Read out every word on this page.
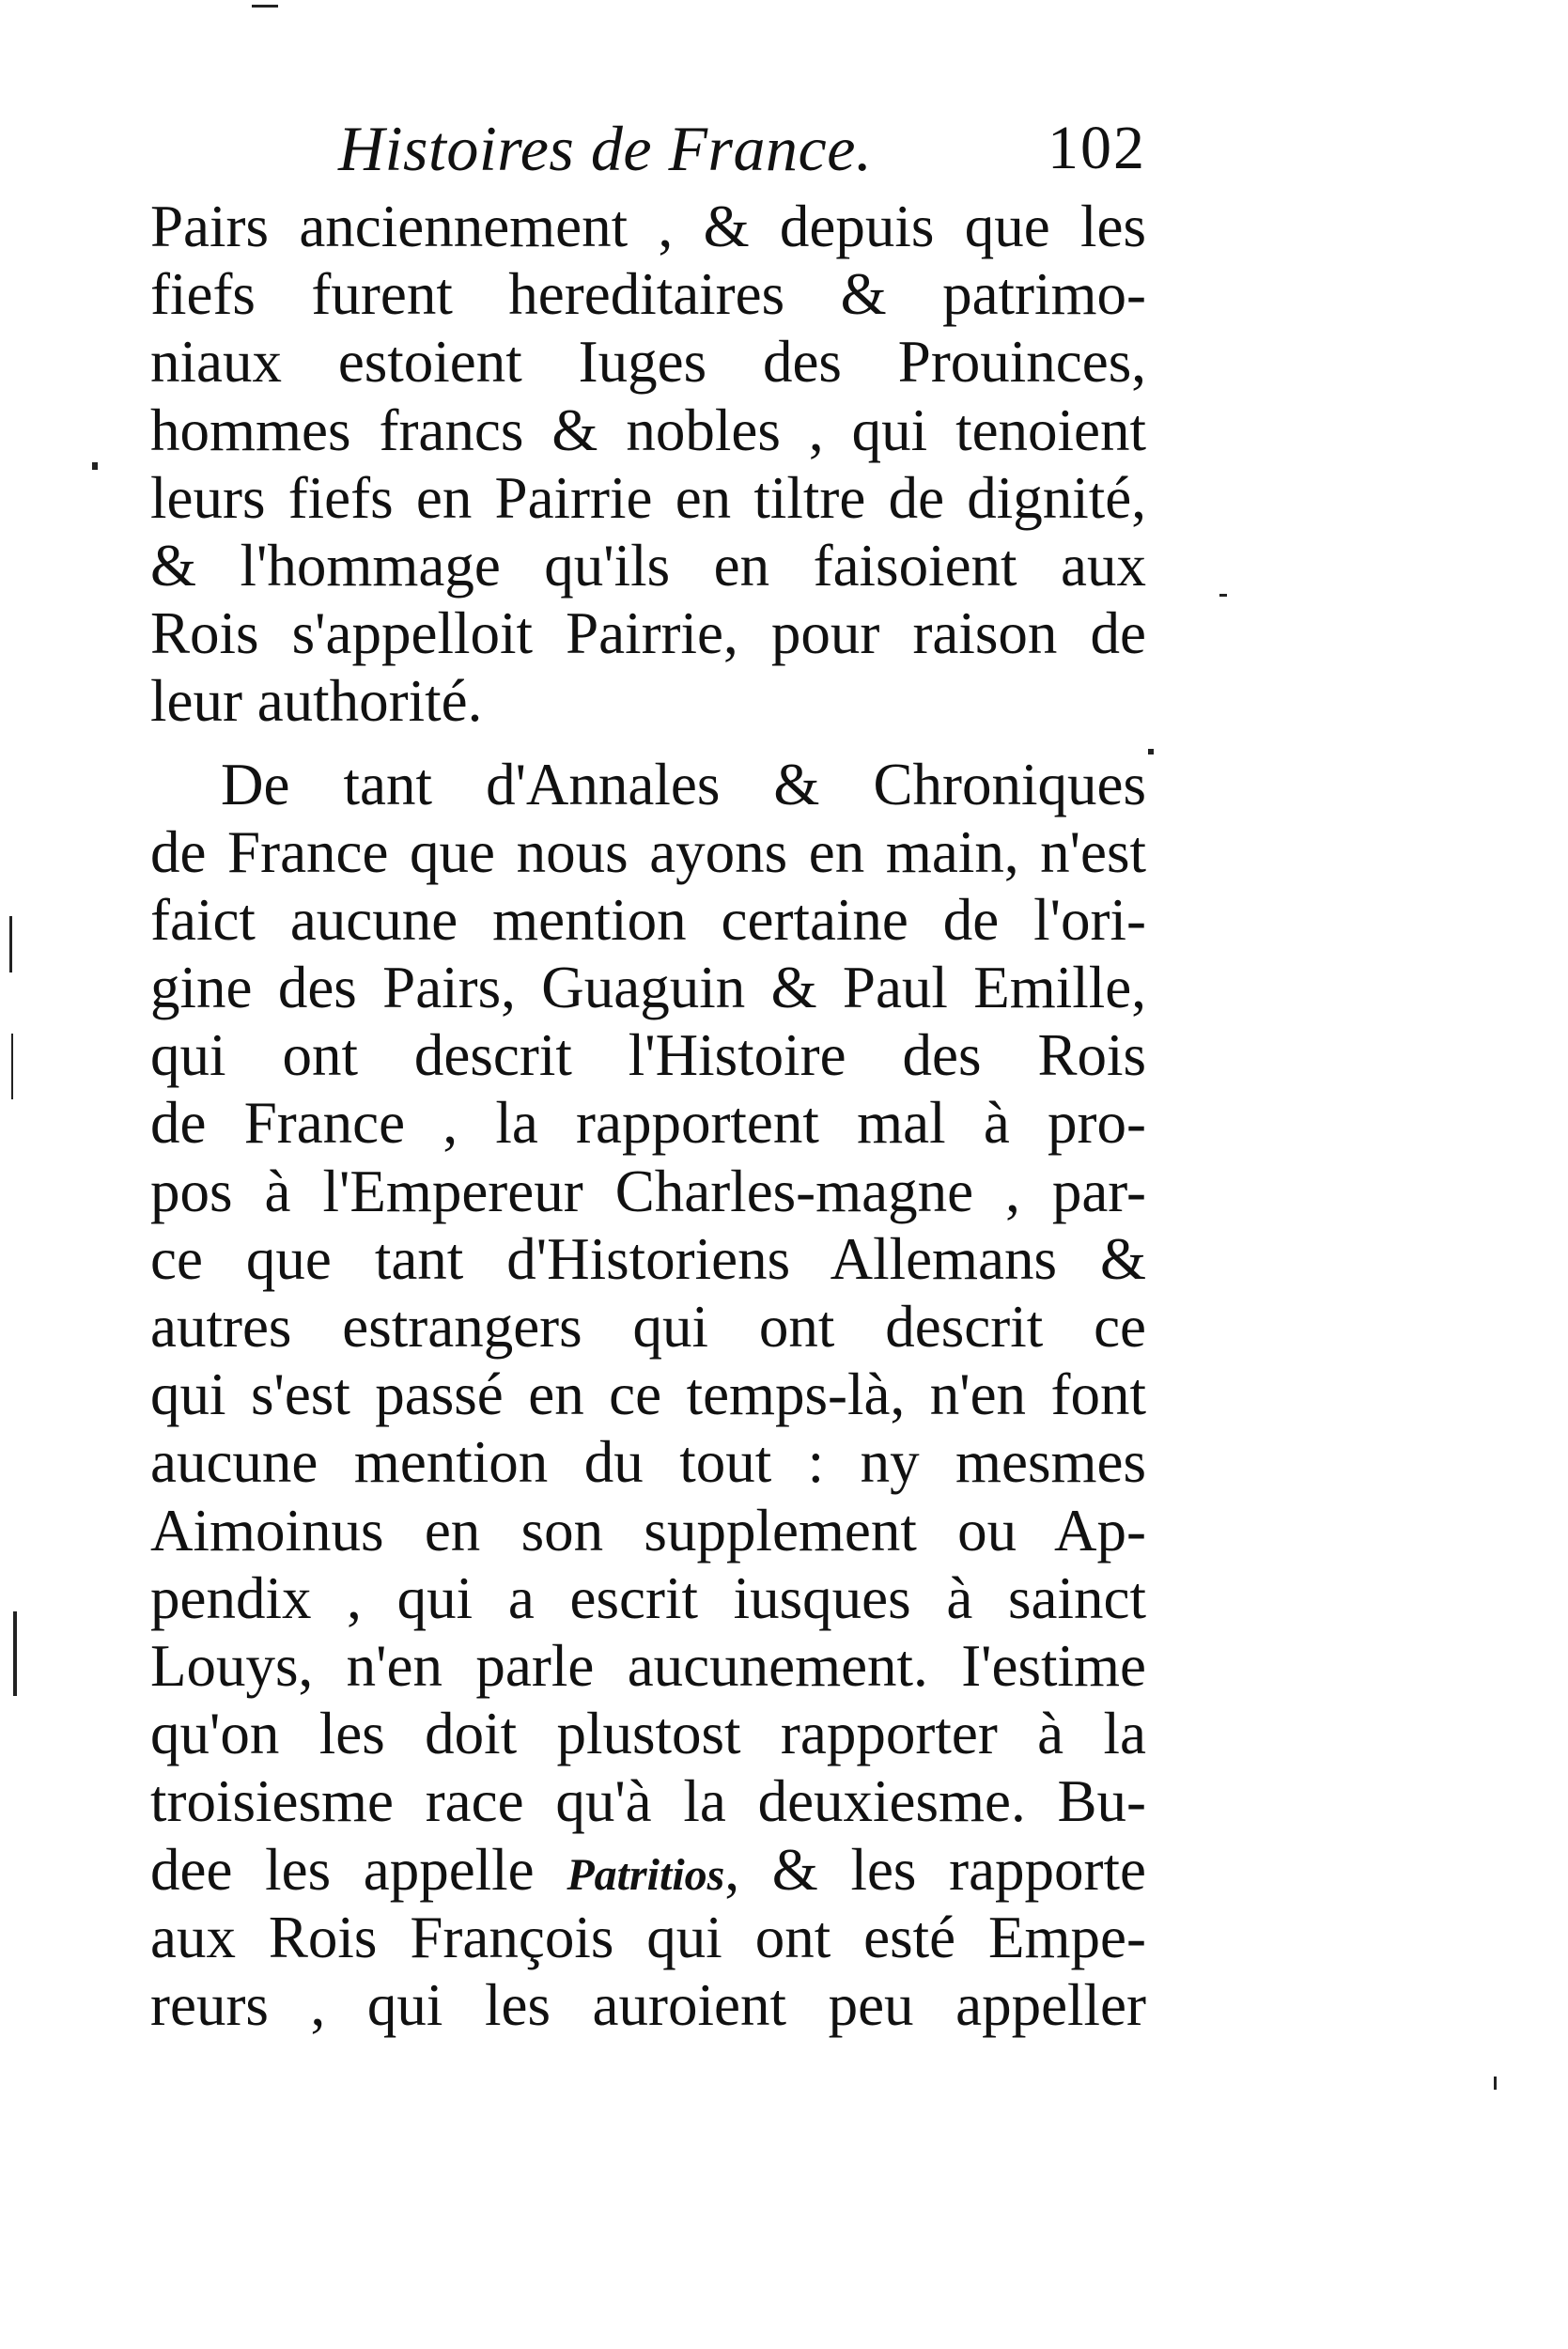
Histoires de France.	102
Pairs anciennement , & depuis que les
fiefs furent hereditaires & patrimo-
niaux estoient Iuges des Prouinces,
hommes francs & nobles , qui tenoient
leurs fiefs en Pairrie en tiltre de dignité,
& l'hommage qu'ils en faisoient aux
Rois s'appelloit Pairrie, pour raison de
leur authorité.
De tant d'Annales & Chroniques
de France que nous ayons en main, n'est
faict aucune mention certaine de l'ori-
gine des Pairs, Guaguin & Paul Emille,
qui ont descrit l'Histoire des Rois
de France , la rapportent mal à pro-
pos à l'Empereur Charles-magne , par-
ce que tant d'Historiens Allemans &
autres estrangers qui ont descrit ce
qui s'est passé en ce temps-là, n'en font
aucune mention du tout : ny mesmes
Aimoinus en son supplement ou Ap-
pendix , qui a escrit iusques à sainct
Louys, n'en parle aucunement. I'estime
qu'on les doit plustost rapporter à la
troisiesme race qu'à la deuxiesme. Bu-
dee les appelle Patritios, & les rapporte
aux Rois François qui ont esté Empe-
reurs , qui les auroient peu appeller
